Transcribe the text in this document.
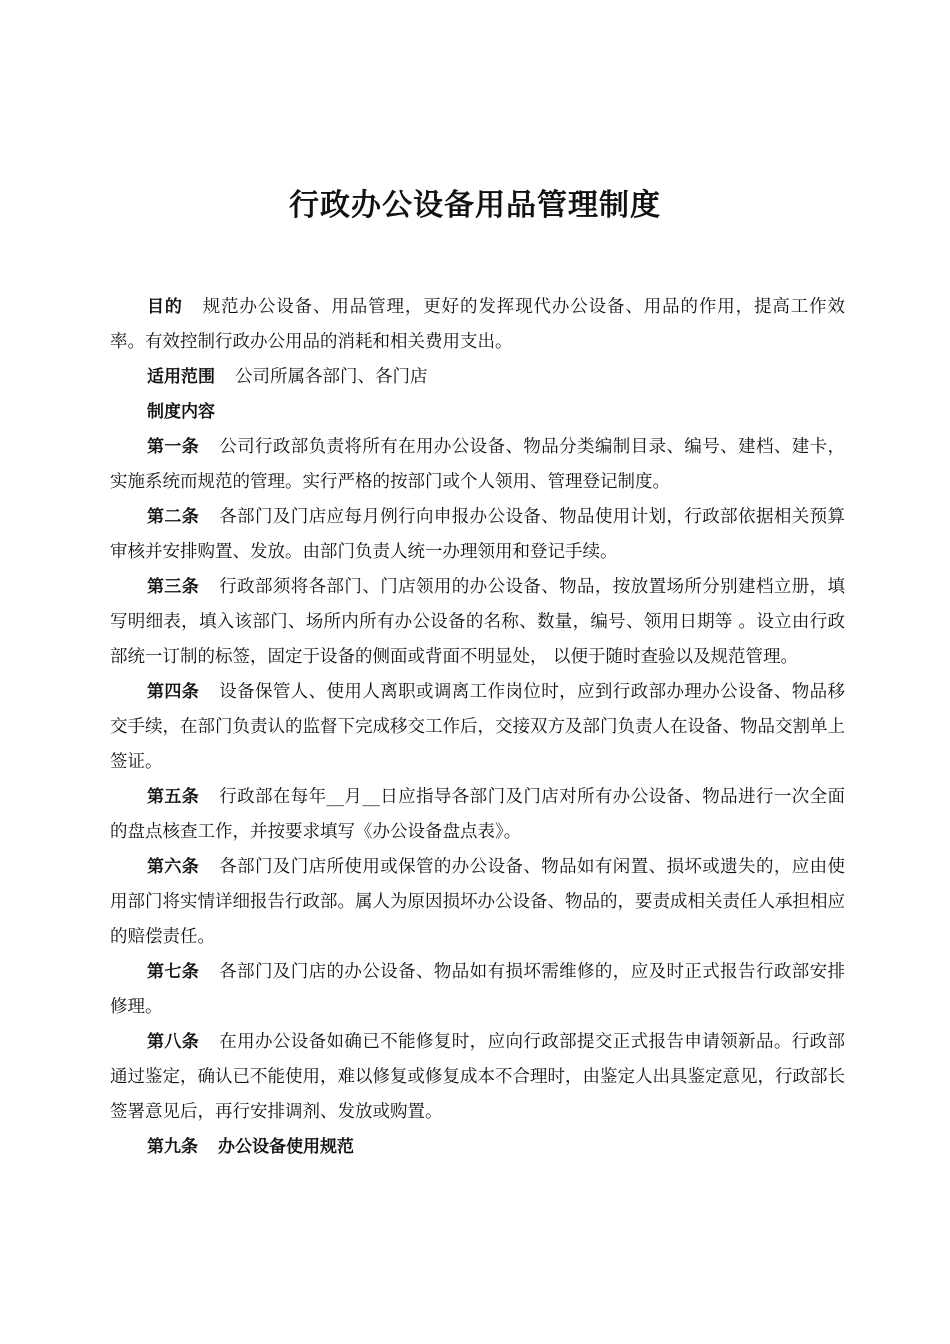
行政办公设备用品管理制度

目的 规范办公设备、用品管理，更好的发挥现代办公设备、用品的作用，提高工作效率。有效控制行政办公用品的消耗和相关费用支出。

适用范围 公司所属各部门、各门店

制度内容

第一条 公司行政部负责将所有在用办公设备、物品分类编制目录、编号、建档、建卡，实施系统而规范的管理。实行严格的按部门或个人领用、管理登记制度。

第二条 各部门及门店应每月例行向申报办公设备、物品使用计划，行政部依据相关预算审核并安排购置、发放。由部门负责人统一办理领用和登记手续。

第三条 行政部须将各部门、门店领用的办公设备、物品，按放置场所分别建档立册，填写明细表，填入该部门、场所内所有办公设备的名称、数量，编号、领用日期等 。设立由行政部统一订制的标签，固定于设备的侧面或背面不明显处， 以便于随时查验以及规范管理。

第四条 设备保管人、使用人离职或调离工作岗位时，应到行政部办理办公设备、物品移交手续，在部门负责认的监督下完成移交工作后，交接双方及部门负责人在设备、物品交割单上签证。

第五条 行政部在每年__月__日应指导各部门及门店对所有办公设备、物品进行一次全面的盘点核查工作，并按要求填写《办公设备盘点表》。

第六条 各部门及门店所使用或保管的办公设备、物品如有闲置、损坏或遗失的，应由使用部门将实情详细报告行政部。属人为原因损坏办公设备、物品的，要责成相关责任人承担相应的赔偿责任。

第七条 各部门及门店的办公设备、物品如有损坏需维修的，应及时正式报告行政部安排修理。

第八条 在用办公设备如确已不能修复时，应向行政部提交正式报告申请领新品。行政部通过鉴定，确认已不能使用，难以修复或修复成本不合理时，由鉴定人出具鉴定意见，行政部长签署意见后，再行安排调剂、发放或购置。

第九条 办公设备使用规范
